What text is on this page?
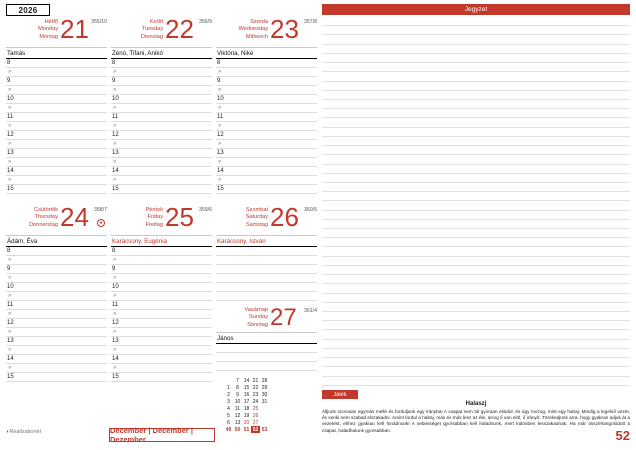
2026
Hétfő
Monday
Montag 21 355/10
Tamás
8
»
9
»
10
»
11
»
12
»
13
»
14
»
15
Kedd
Tuesday
Dienstag 22 356/9
Zénó, Tifani, Anikó
8
»
9
»
10
»
11
»
12
»
13
»
14
»
15
Szerda
Wednesday
Mittwoch 23 357/8
Viktória, Niké
8
»
9
»
10
»
11
»
12
»
13
»
14
»
15
Csütörtök
Thursday
Donnerstag 24 358/7
●
Ádám, Éva
8
»
9
»
10
»
11
»
12
»
13
»
14
»
15
Péntek
Friday
Freitag 25 359/6
Karácsony, Eugénia
8
»
9
»
10
»
11
»
12
»
13
»
14
»
15
Szombat
Saturday
Samstag 26 360/5
Karácsony, István
Vasárnap
Sunday
Sonntag 27 361/4
János
	7	14	21	28
1	8	15	22	29
2	9	16	23	30
3	10	17	24	31
4	11	18	25	
5	12	19	26	
6	13	20	27	
49	50	51	52	53
◗Realizationél	December | December | Dezember
Jegyzet
Játék
Halaszj
Álljunk szorosan egymás mellé és forduljunk egy irányba! A csapat nem túl gyorsan elindul, és úgy mozog, mint egy halraj. Mindig a legelső vezet, és senki nem szabad elszakadni. Amint fordul a halraj, más és más lesz az éle, arrog ő van elöl, ő irányít. Törekedjünk arra, hogy gyakran adjuk át a vezetést, ehhez gyakran kell fordulnunk! A sebességet gyorsabban kell haladnunk, mert különben lesszakadnak. Ha már összehangolódott a csapat, haladhatunk gyorsabban.	52
